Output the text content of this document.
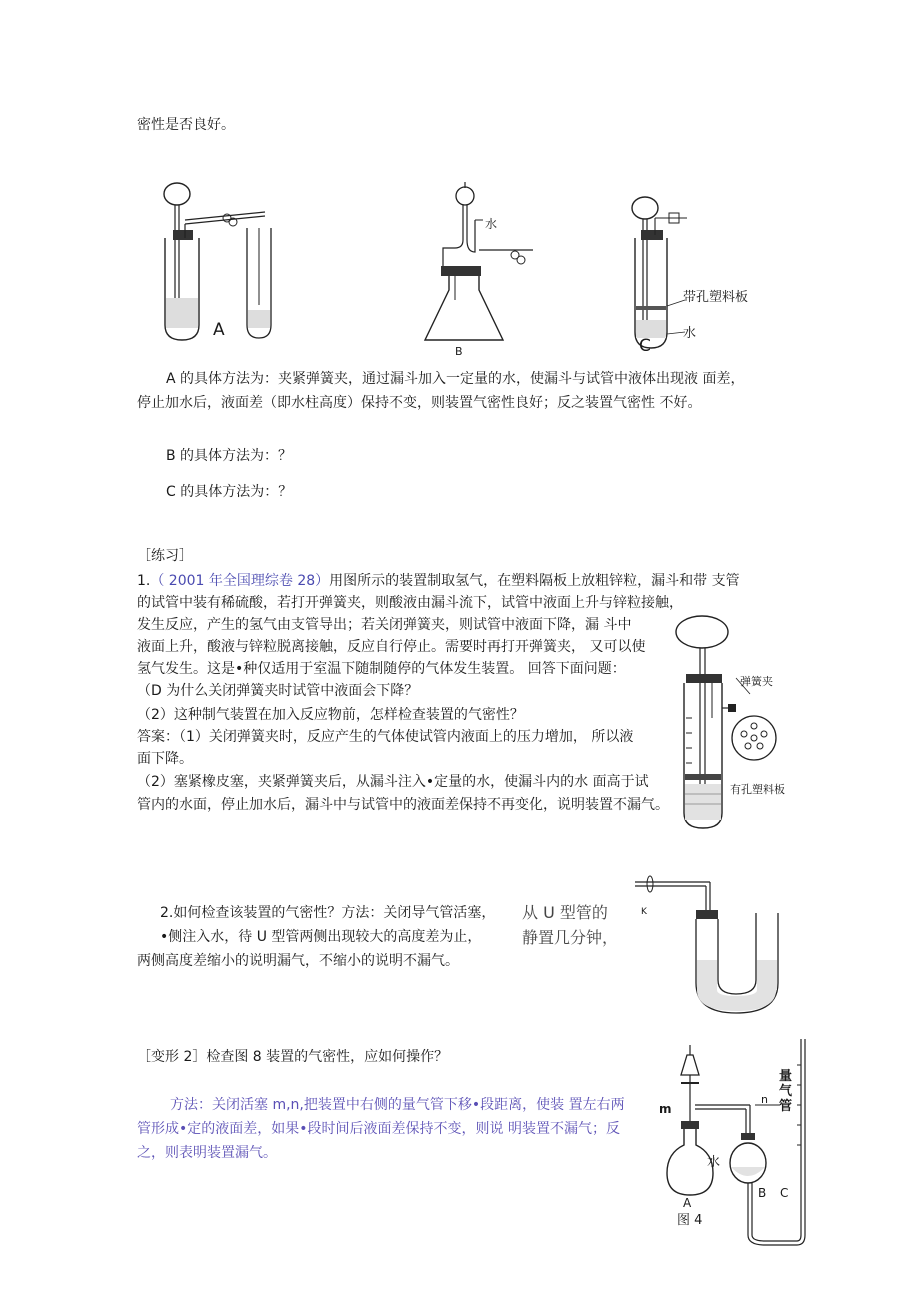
密性是否良好。
A
水
B
带孔塑料板
水
C
A 的具体方法为：夹紧弹簧夹，通过漏斗加入一定量的水，使漏斗与试管中液体出现液 面差，
停止加水后，液面差（即水柱高度）保持不变，则装置气密性良好；反之装置气密性 不好。
B 的具体方法为：？
C 的具体方法为：？
［练习］
1.（ 2001 年全国理综卷 28）用图所示的装置制取氢气，在塑料隔板上放粗锌粒，漏斗和带 支管
的试管中装有稀硫酸，若打开弹簧夹，则酸液由漏斗流下，试管中液面上升与锌粒接触，
发生反应，产生的氢气由支管导出；若关闭弹簧夹，则试管中液面下降，漏 斗中
液面上升，酸液与锌粒脱离接触，反应自行停止。需要时再打开弹簧夹， 又可以使
氢气发生。这是•种仅适用于室温下随制随停的气体发生装置。 回答下面问题：
（D 为什么关闭弹簧夹时试管中液面会下降？
（2）这种制气装置在加入反应物前，怎样检查装置的气密性？
答案：（1）关闭弹簧夹时，反应产生的气体使试管内液面上的压力增加， 所以液
面下降。
（2）塞紧橡皮塞，夹紧弹簧夹后，从漏斗注入•定量的水，使漏斗内的水 面高于试
管内的水面，停止加水后，漏斗中与试管中的液面差保持不再变化，说明装置不漏气。
弹簧夹
有孔塑料板
2.如何检查该装置的气密性？方法：关闭导气管活塞，
•侧注入水，待 U 型管两侧出现较大的高度差为止，
两侧高度差缩小的说明漏气，不缩小的说明不漏气。
从 U 型管的
静置几分钟，
K
［变形 2］检查图 8 装置的气密性，应如何操作？
方法：关闭活塞 m,n,把装置中右侧的量气管下移•段距离，使装 置左右两
管形成•定的液面差，如果•段时间后液面差保持不变，则说 明装置不漏气；反
之，则表明装置漏气。
m
n
A
水
B C
量气管
图 4
